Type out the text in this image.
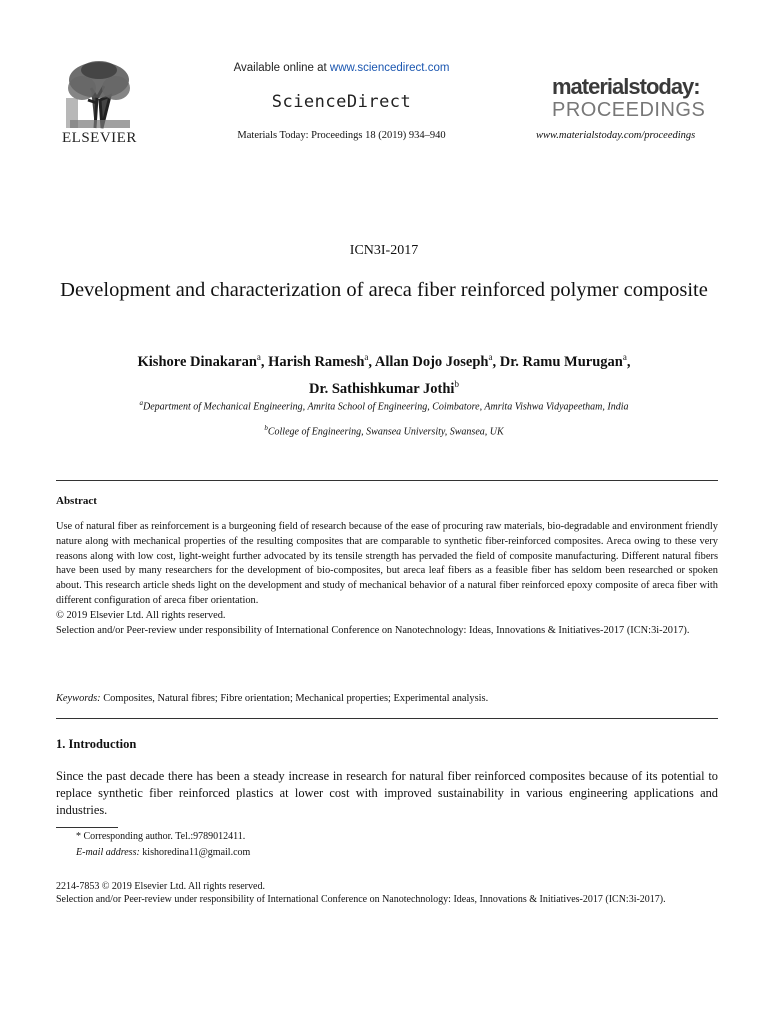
ELSEVIER
Available online at www.sciencedirect.com
ScienceDirect
Materials Today: Proceedings 18 (2019) 934–940
materialstoday:
PROCEEDINGS
www.materialstoday.com/proceedings
ICN3I-2017
Development and characterization of areca fiber reinforced polymer composite
Kishore Dinakaran$^a$, Harish Ramesh$^a$, Allan Dojo Joseph$^a$, Dr. Ramu Murugan$^a$,
Dr. Sathishkumar Jothi$^b$
$^a$Department of Mechanical Engineering, Amrita School of Engineering, Coimbatore, Amrita Vishwa Vidyapeetham, India
$^b$College of Engineering, Swansea University, Swansea, UK
Abstract

Use of natural fiber as reinforcement is a burgeoning field of research because of the ease of procuring raw materials, bio-degradable and environment friendly nature along with mechanical properties of the resulting composites that are comparable to synthetic fiber-reinforced composites. Areca owing to these very reasons along with low cost, light-weight further advocated by its tensile strength has pervaded the field of composite manufacturing. Different natural fibers have been used by many researchers for the development of bio-composites, but areca leaf fibers as a feasible fiber has seldom been researched or spoken about. This research article sheds light on the development and study of mechanical behavior of a natural fiber reinforced epoxy composite of areca fiber with different configuration of areca fiber orientation.

© 2019 Elsevier Ltd. All rights reserved.

Selection and/or Peer-review under responsibility of International Conference on Nanotechnology: Ideas, Innovations & Initiatives-2017 (ICN:3i-2017).

Keywords: Composites, Natural fibres; Fibre orientation; Mechanical properties; Experimental analysis.
1. Introduction
Since the past decade there has been a steady increase in research for natural fiber reinforced composites because of its potential to replace synthetic fiber reinforced plastics at lower cost with improved sustainability in various engineering applications and industries.
* Corresponding author. Tel.:9789012411.
E-mail address: kishoredina11@gmail.com
2214-7853 © 2019 Elsevier Ltd. All rights reserved.
Selection and/or Peer-review under responsibility of International Conference on Nanotechnology: Ideas, Innovations & Initiatives-2017 (ICN:3i-2017).
